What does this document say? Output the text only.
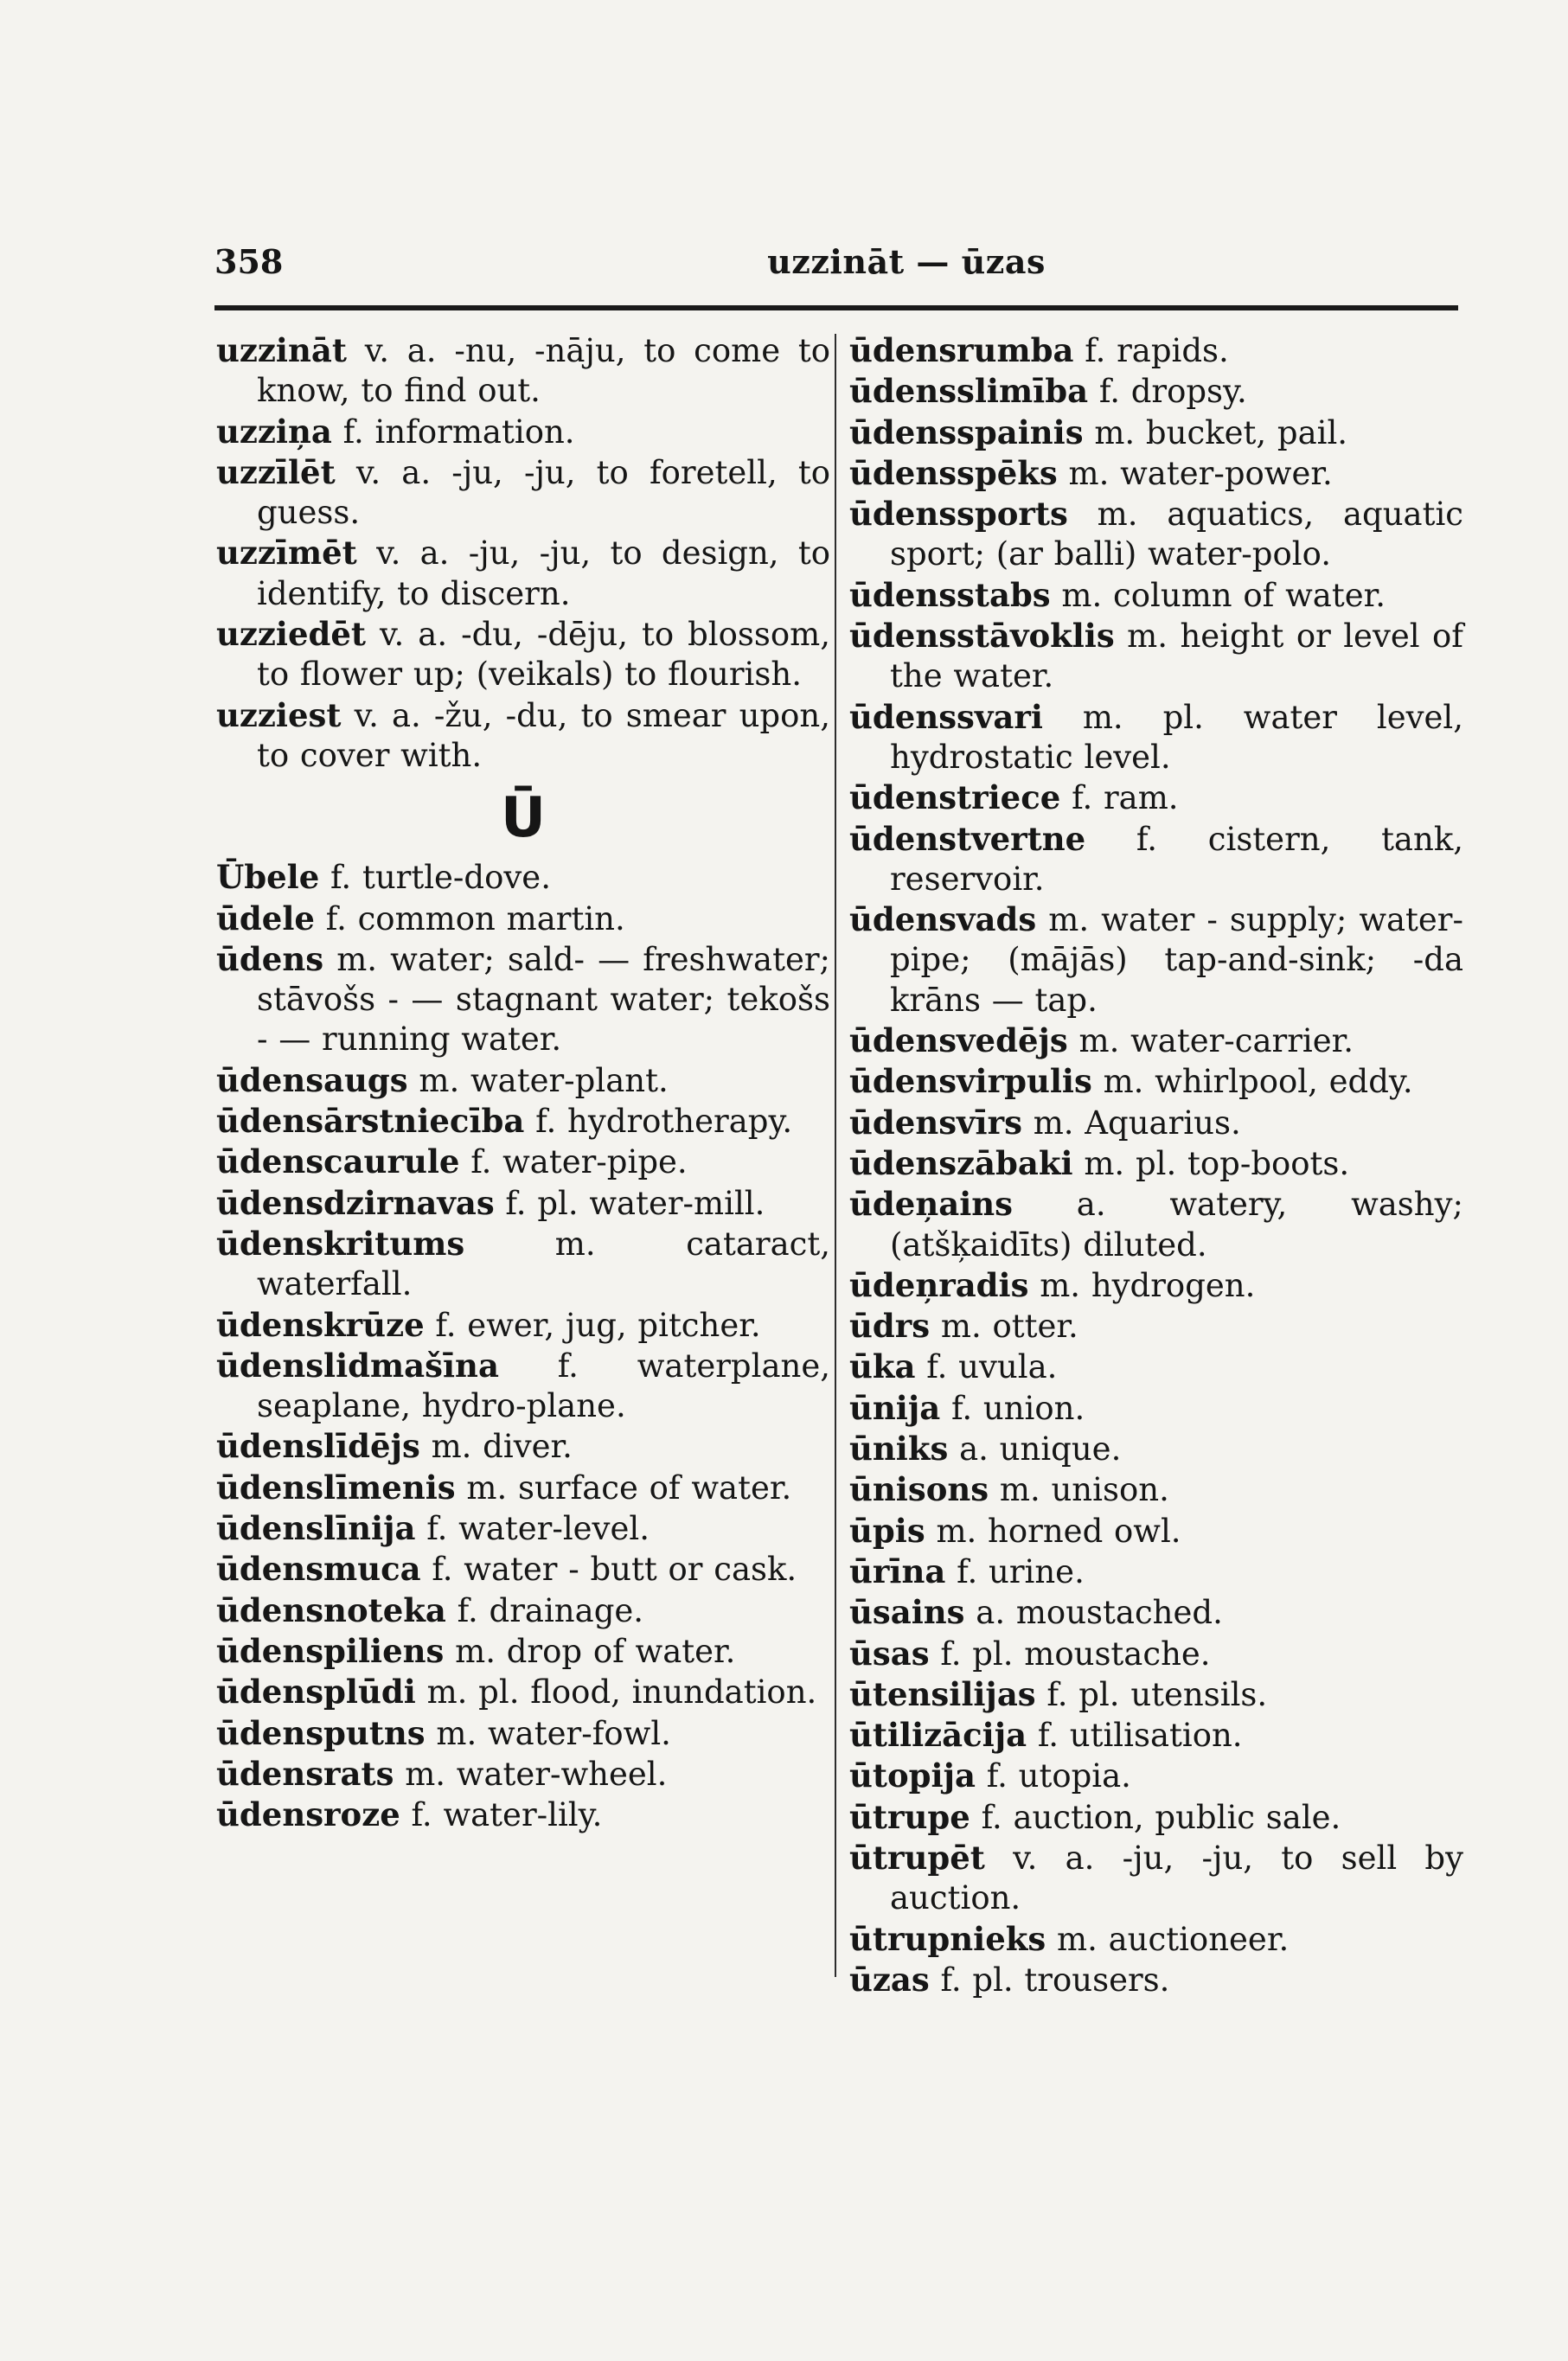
358	uzzināt — ūzas
uzzināt v. a. -nu, -nāju, to come to know, to find out.
uzziņa f. information.
uzzīlēt v. a. -ju, -ju, to foretell, to guess.
uzzīmēt v. a. -ju, -ju, to design, to identify, to discern.
uzziedēt v. a. -du, -dēju, to blossom, to flower up; (veikals) to flourish.
uzziest v. a. -žu, -du, to smear upon, to cover with.
Ū
Ūbele f. turtle-dove.
ūdele f. common martin.
ūdens m. water; sald- — freshwater; stāvošs - — stagnant water; tekošs - — running water.
ūdensaugs m. water-plant.
ūdensārstniecība f. hydrotherapy.
ūdenscaurule f. water-pipe.
ūdensdzirnavas f. pl. water-mill.
ūdenskritums	m. cataract, waterfall.
ūdenskrūze f. ewer, jug, pitcher.
ūdenslidmašīna f. waterplane, seaplane, hydro-plane.
ūdenslīdējs m. diver.
ūdenslīmenis m. surface of water.
ūdenslīnija f. water-level.
ūdensmuca f. water - butt or cask.
ūdensnoteka f. drainage.
ūdenspiliens m. drop of water.
ūdensplūdi m. pl. flood, inundation.
ūdensputns m. water-fowl.
ūdensrats m. water-wheel.
ūdensroze f. water-lily.
ūdensrumba f. rapids.
ūdensslimība f. dropsy.
ūdensspainis m. bucket, pail.
ūdensspēks m. water-power.
ūdenssports m. aquatics, aquatic sport; (ar balli) water-polo.
ūdensstabs m. column of water.
ūdensstāvoklis m. height or level of the water.
ūdenssvari m. pl. water level, hydrostatic level.
ūdenstriece f. ram.
ūdenstvertne f. cistern, tank, reservoir.
ūdensvads m. water - supply; water-pipe; (mājās) tap-and-sink; -da krāns — tap.
ūdensvedējs m. water-carrier.
ūdensvirpulis m. whirlpool, eddy.
ūdensvīrs m. Aquarius.
ūdenszābaki m. pl. top-boots.
ūdeņains a. watery, washy; (atšķaidīts) diluted.
ūdeņradis m. hydrogen.
ūdrs m. otter.
ūka f. uvula.
ūnija f. union.
ūniks a. unique.
ūnisons m. unison.
ūpis m. horned owl.
ūrīna f. urine.
ūsains a. moustached.
ūsas f. pl. moustache.
ūtensilijas f. pl. utensils.
ūtilizācija f. utilisation.
ūtopija f. utopia.
ūtrupe f. auction, public sale.
ūtrupēt v. a. -ju, -ju, to sell by auction.
ūtrupnieks m. auctioneer.
ūzas f. pl. trousers.
